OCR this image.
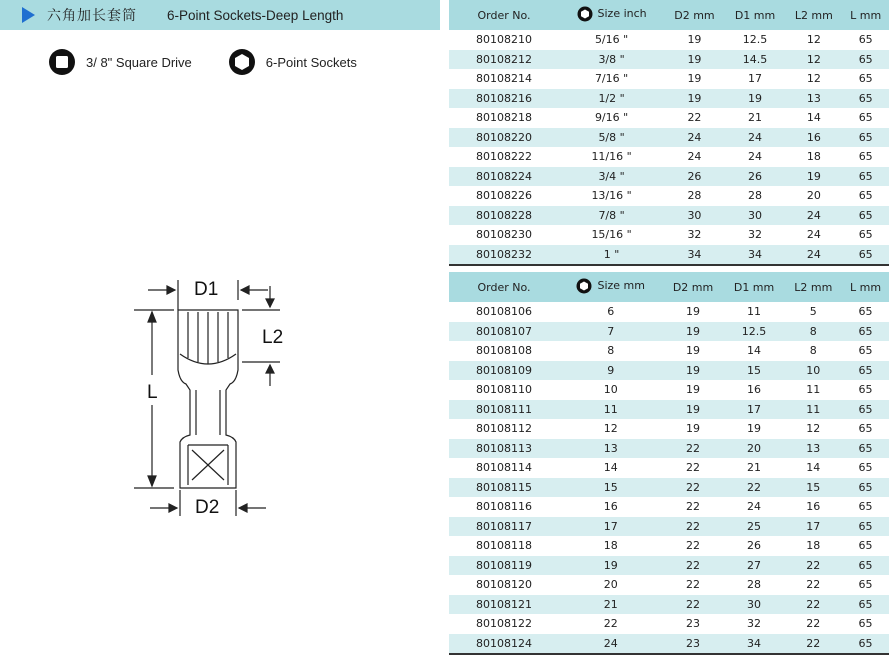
六角加长套筒 6-Point Sockets-Deep Length
3/ 8" Square Drive	6-Point Sockets
D1
L2
L
D2
Order No.	Size inch	D2 mm	D1 mm	L2 mm	L mm
80108210	5/16 "	19	12.5	12	65
80108212	3/8 "	19	14.5	12	65
80108214	7/16 "	19	17	12	65
80108216	1/2 "	19	19	13	65
80108218	9/16 "	22	21	14	65
80108220	5/8 "	24	24	16	65
80108222	11/16 "	24	24	18	65
80108224	3/4 "	26	26	19	65
80108226	13/16 "	28	28	20	65
80108228	7/8 "	30	30	24	65
80108230	15/16 "	32	32	24	65
80108232	1 "	34	34	24	65
Order No.	Size mm	D2 mm	D1 mm	L2 mm	L mm
80108106	6	19	11	5	65
80108107	7	19	12.5	8	65
80108108	8	19	14	8	65
80108109	9	19	15	10	65
80108110	10	19	16	11	65
80108111	11	19	17	11	65
80108112	12	19	19	12	65
80108113	13	22	20	13	65
80108114	14	22	21	14	65
80108115	15	22	22	15	65
80108116	16	22	24	16	65
80108117	17	22	25	17	65
80108118	18	22	26	18	65
80108119	19	22	27	22	65
80108120	20	22	28	22	65
80108121	21	22	30	22	65
80108122	22	23	32	22	65
80108124	24	23	34	22	65
